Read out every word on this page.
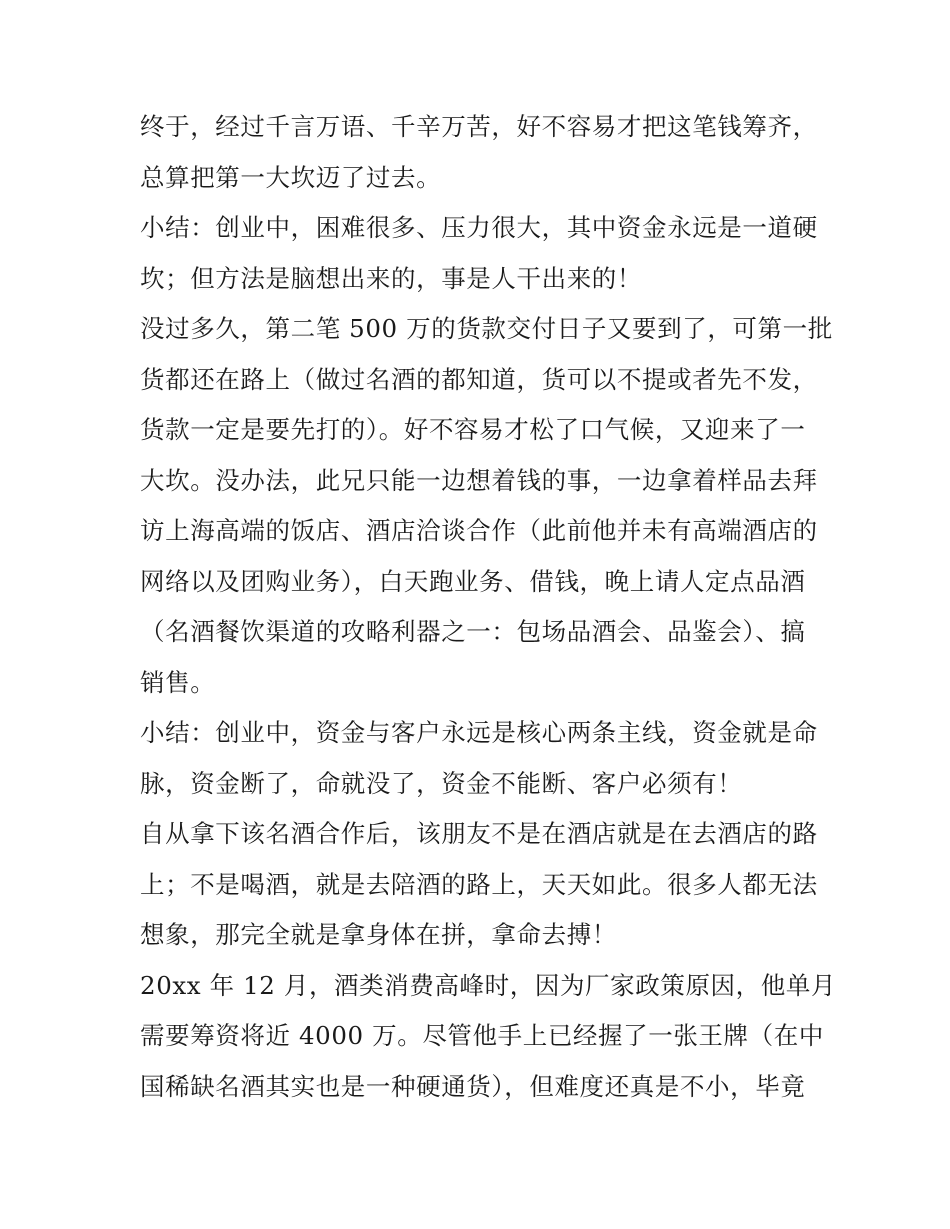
终于，经过千言万语、千辛万苦，好不容易才把这笔钱筹齐，
总算把第一大坎迈了过去。
小结：创业中，困难很多、压力很大，其中资金永远是一道硬
坎；但方法是脑想出来的，事是人干出来的！
没过多久，第二笔 500 万的货款交付日子又要到了，可第一批
货都还在路上（做过名酒的都知道，货可以不提或者先不发，
货款一定是要先打的）。好不容易才松了口气候，又迎来了一
大坎。没办法，此兄只能一边想着钱的事，一边拿着样品去拜
访上海高端的饭店、酒店洽谈合作（此前他并未有高端酒店的
网络以及团购业务），白天跑业务、借钱，晚上请人定点品酒
（名酒餐饮渠道的攻略利器之一：包场品酒会、品鉴会）、搞
销售。
小结：创业中，资金与客户永远是核心两条主线，资金就是命
脉，资金断了，命就没了，资金不能断、客户必须有！
自从拿下该名酒合作后，该朋友不是在酒店就是在去酒店的路
上；不是喝酒，就是去陪酒的路上，天天如此。很多人都无法
想象，那完全就是拿身体在拼，拿命去搏！
20xx 年 12 月，酒类消费高峰时，因为厂家政策原因，他单月
需要筹资将近 4000 万。尽管他手上已经握了一张王牌（在中
国稀缺名酒其实也是一种硬通货），但难度还真是不小，毕竟
